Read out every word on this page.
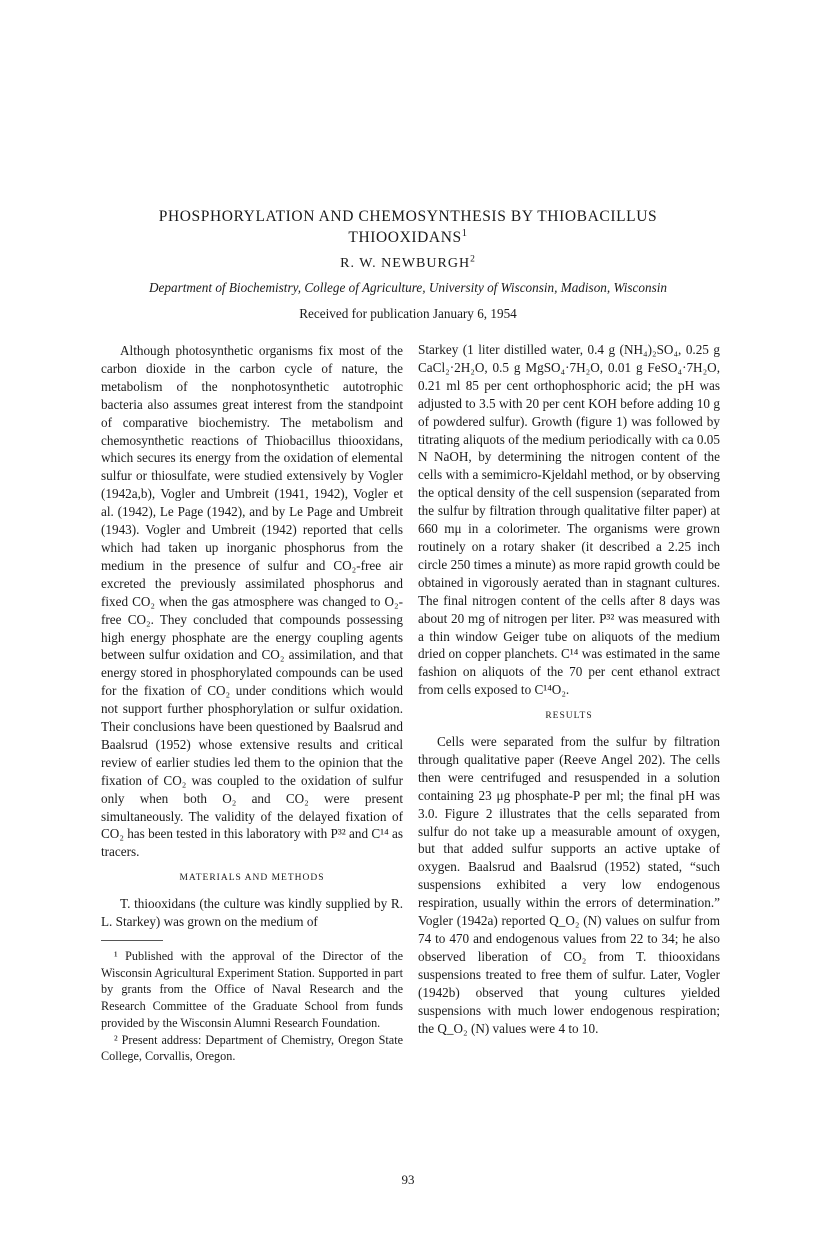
PHOSPHORYLATION AND CHEMOSYNTHESIS BY THIOBACILLUS
THIOOXIDANS$^1$
R. W. NEWBURGH$^2$
Department of Biochemistry, College of Agriculture, University of Wisconsin, Madison, Wisconsin
Received for publication January 6, 1954

Although photosynthetic organisms fix most of the carbon dioxide in the carbon cycle of nature, the metabolism of the nonphotosynthetic autotrophic bacteria also assumes great interest from the standpoint of comparative biochemistry. The metabolism and chemosynthetic reactions of Thiobacillus thiooxidans, which secures its energy from the oxidation of elemental sulfur or thiosulfate, were studied extensively by Vogler (1942a,b), Vogler and Umbreit (1941, 1942), Vogler et al. (1942), Le Page (1942), and by Le Page and Umbreit (1943). Vogler and Umbreit (1942) reported that cells which had taken up inorganic phosphorus from the medium in the presence of sulfur and CO₂-free air excreted the previously assimilated phosphorus and fixed CO₂ when the gas atmosphere was changed to O₂-free CO₂. They concluded that compounds possessing high energy phosphate are the energy coupling agents between sulfur oxidation and CO₂ assimilation, and that energy stored in phosphorylated compounds can be used for the fixation of CO₂ under conditions which would not support further phosphorylation or sulfur oxidation. Their conclusions have been questioned by Baalsrud and Baalsrud (1952) whose extensive results and critical review of earlier studies led them to the opinion that the fixation of CO₂ was coupled to the oxidation of sulfur only when both O₂ and CO₂ were present simultaneously. The validity of the delayed fixation of CO₂ has been tested in this laboratory with P³² and C¹⁴ as tracers.

MATERIALS AND METHODS

T. thiooxidans (the culture was kindly supplied by R. L. Starkey) was grown on the medium of

¹ Published with the approval of the Director of the Wisconsin Agricultural Experiment Station. Supported in part by grants from the Office of Naval Research and the Research Committee of the Graduate School from funds provided by the Wisconsin Alumni Research Foundation.

² Present address: Department of Chemistry, Oregon State College, Corvallis, Oregon.

Starkey (1 liter distilled water, 0.4 g (NH₄)₂SO₄, 0.25 g CaCl₂·2H₂O, 0.5 g MgSO₄·7H₂O, 0.01 g FeSO₄·7H₂O, 0.21 ml 85 per cent orthophosphoric acid; the pH was adjusted to 3.5 with 20 per cent KOH before adding 10 g of powdered sulfur). Growth (figure 1) was followed by titrating aliquots of the medium periodically with ca 0.05 N NaOH, by determining the nitrogen content of the cells with a semimicro-Kjeldahl method, or by observing the optical density of the cell suspension (separated from the sulfur by filtration through qualitative filter paper) at 660 mμ in a colorimeter. The organisms were grown routinely on a rotary shaker (it described a 2.25 inch circle 250 times a minute) as more rapid growth could be obtained in vigorously aerated than in stagnant cultures. The final nitrogen content of the cells after 8 days was about 20 mg of nitrogen per liter. P³² was measured with a thin window Geiger tube on aliquots of the medium dried on copper planchets. C¹⁴ was estimated in the same fashion on aliquots of the 70 per cent ethanol extract from cells exposed to C¹⁴O₂.

RESULTS

Cells were separated from the sulfur by filtration through qualitative paper (Reeve Angel 202). The cells then were centrifuged and resuspended in a solution containing 23 μg phosphate-P per ml; the final pH was 3.0. Figure 2 illustrates that the cells separated from sulfur do not take up a measurable amount of oxygen, but that added sulfur supports an active uptake of oxygen. Baalsrud and Baalsrud (1952) stated, “such suspensions exhibited a very low endogenous respiration, usually within the errors of determination.” Vogler (1942a) reported Q_O₂ (N) values on sulfur from 74 to 470 and endogenous values from 22 to 34; he also observed liberation of CO₂ from T. thiooxidans suspensions treated to free them of sulfur. Later, Vogler (1942b) observed that young cultures yielded suspensions with much lower endogenous respiration; the Q_O₂ (N) values were 4 to 10.

93
